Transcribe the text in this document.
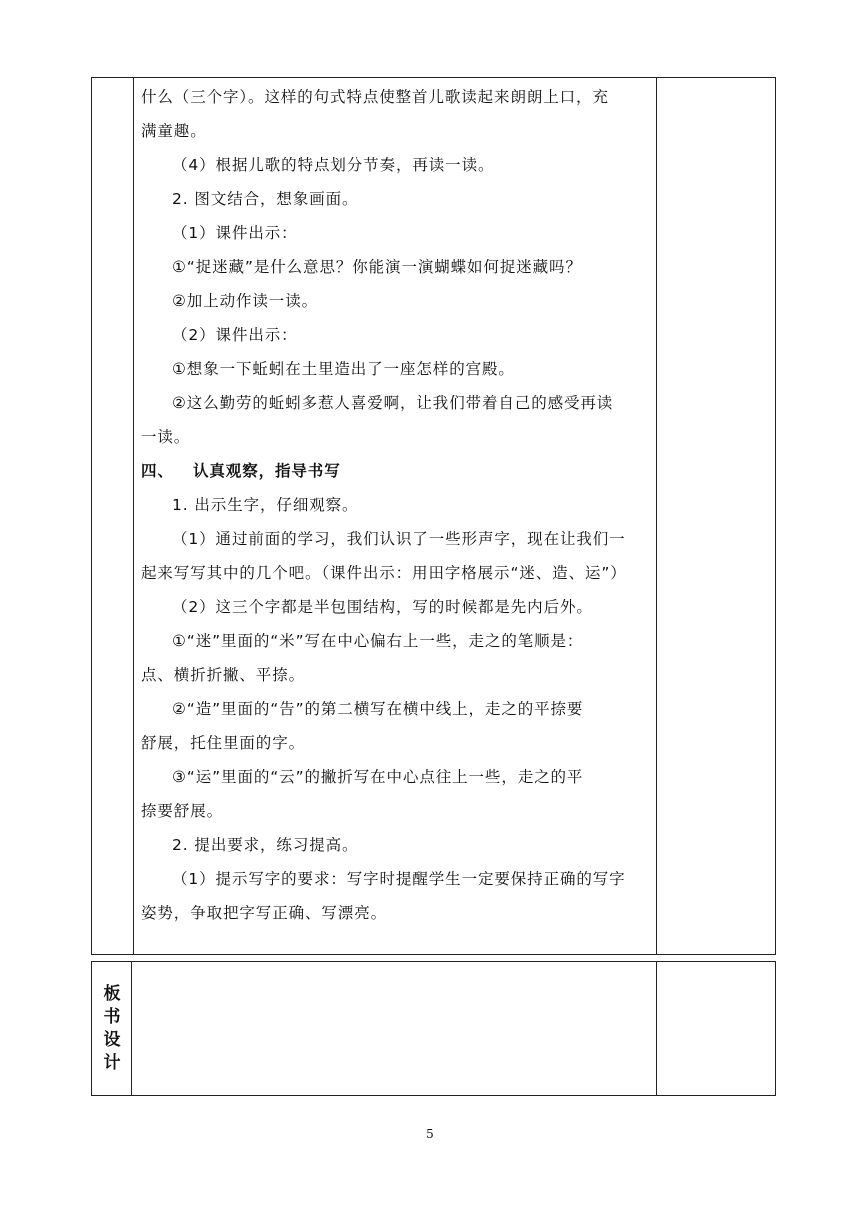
什么（三个字）。这样的句式特点使整首儿歌读起来朗朗上口，充
满童趣。
（4）根据儿歌的特点划分节奏，再读一读。
2. 图文结合，想象画面。
（1）课件出示：
①“捉迷藏”是什么意思？你能演一演蝴蝶如何捉迷藏吗？
②加上动作读一读。
（2）课件出示：
①想象一下蚯蚓在土里造出了一座怎样的宫殿。
②这么勤劳的蚯蚓多惹人喜爱啊，让我们带着自己的感受再读
一读。
四、 认真观察，指导书写
1. 出示生字，仔细观察。
（1）通过前面的学习，我们认识了一些形声字，现在让我们一
起来写写其中的几个吧。（课件出示：用田字格展示“迷、造、运”）
（2）这三个字都是半包围结构，写的时候都是先内后外。
①“迷”里面的“米”写在中心偏右上一些，走之的笔顺是：
点、横折折撇、平捺。
②“造”里面的“告”的第二横写在横中线上，走之的平捺要
舒展，托住里面的字。
③“运”里面的“云”的撇折写在中心点往上一些，走之的平
捺要舒展。
2. 提出要求，练习提高。
（1）提示写字的要求：写字时提醒学生一定要保持正确的写字
姿势，争取把字写正确、写漂亮。
板
书
设
计
5
